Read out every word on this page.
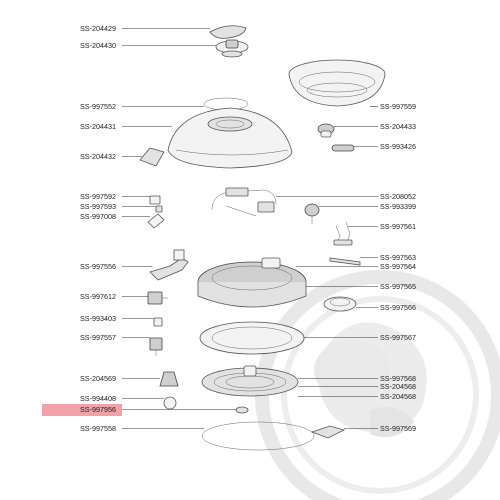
SS-204429
SS-204430
SS-997552
SS-204431
SS-204432
SS-997592
SS-997593
SS-997008
SS-997556
SS-997612
SS-993403
SS-997557
SS-204569
SS-994408
SS-997956
SS-997558
SS-997559
SS-204433
SS-993426
SS-208052
SS-993399
SS-997561
SS-997563
SS-997564
SS-997565
SS-997566
SS-997567
SS-997568
SS-204568
SS-204568
SS-997569
